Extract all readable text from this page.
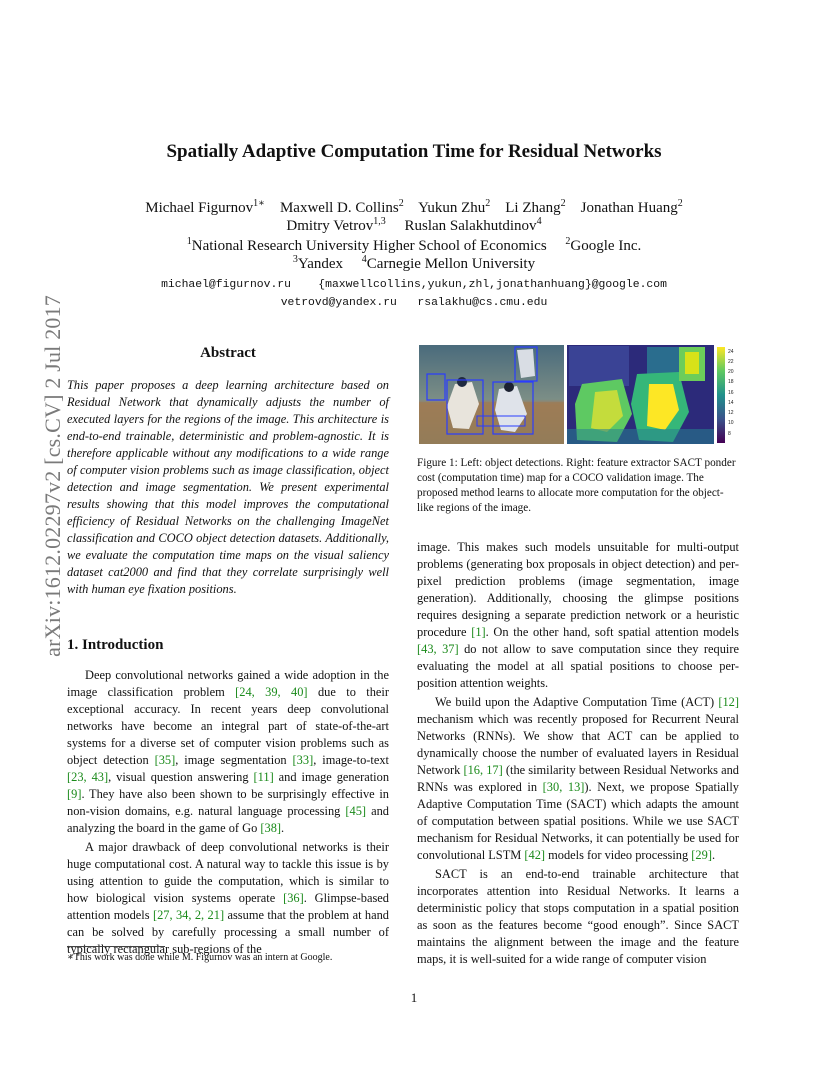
arXiv:1612.02297v2 [cs.CV] 2 Jul 2017
Spatially Adaptive Computation Time for Residual Networks
Michael Figurnov$^{1∗}$ Maxwell D. Collins$^2$ Yukun Zhu$^2$ Li Zhang$^2$ Jonathan Huang$^2$
Dmitry Vetrov$^{1,3}$ Ruslan Salakhutdinov$^4$
$^1$National Research University Higher School of Economics $^2$Google Inc.
$^3$Yandex $^4$Carnegie Mellon University
michael@figurnov.ru {maxwellcollins,yukun,zhl,jonathanhuang}@google.com
vetrovd@yandex.ru rsalakhu@cs.cmu.edu
Abstract
This paper proposes a deep learning architecture based on Residual Network that dynamically adjusts the number of executed layers for the regions of the image. This architecture is end-to-end trainable, deterministic and problem-agnostic. It is therefore applicable without any modifications to a wide range of computer vision problems such as image classification, object detection and image segmentation. We present experimental results showing that this model improves the computational efficiency of Residual Networks on the challenging ImageNet classification and COCO object detection datasets. Additionally, we evaluate the computation time maps on the visual saliency dataset cat2000 and find that they correlate surprisingly well with human eye fixation positions.
1. Introduction

Deep convolutional networks gained a wide adoption in the image classification problem [24, 39, 40] due to their exceptional accuracy. In recent years deep convolutional networks have become an integral part of state-of-the-art systems for a diverse set of computer vision problems such as object detection [35], image segmentation [33], image-to-text [23, 43], visual question answering [11] and image generation [9]. They have also been shown to be surprisingly effective in non-vision domains, e.g. natural language processing [45] and analyzing the board in the game of Go [38].

A major drawback of deep convolutional networks is their huge computational cost. A natural way to tackle this issue is by using attention to guide the computation, which is similar to how biological vision systems operate [36]. Glimpse-based attention models [27, 34, 2, 21] assume that the problem at hand can be solved by carefully processing a small number of typically rectangular sub-regions of the

∗This work was done while M. Figurnov was an intern at Google.
24
22
20
18
16
14
12
10
8
Figure 1: Left: object detections. Right: feature extractor SACT ponder cost (computation time) map for a COCO validation image. The proposed method learns to allocate more computation for the object-like regions of the image.

image. This makes such models unsuitable for multi-output problems (generating box proposals in object detection) and per-pixel prediction problems (image segmentation, image generation). Additionally, choosing the glimpse positions requires designing a separate prediction network or a heuristic procedure [1]. On the other hand, soft spatial attention models [43, 37] do not allow to save computation since they require evaluating the model at all spatial positions to choose per-position attention weights.

We build upon the Adaptive Computation Time (ACT) [12] mechanism which was recently proposed for Recurrent Neural Networks (RNNs). We show that ACT can be applied to dynamically choose the number of evaluated layers in Residual Network [16, 17] (the similarity between Residual Networks and RNNs was explored in [30, 13]). Next, we propose Spatially Adaptive Computation Time (SACT) which adapts the amount of computation between spatial positions. While we use SACT mechanism for Residual Networks, it can potentially be used for convolutional LSTM [42] models for video processing [29].

SACT is an end-to-end trainable architecture that incorporates attention into Residual Networks. It learns a deterministic policy that stops computation in a spatial position as soon as the features become “good enough”. Since SACT maintains the alignment between the image and the feature maps, it is well-suited for a wide range of computer vision

1
